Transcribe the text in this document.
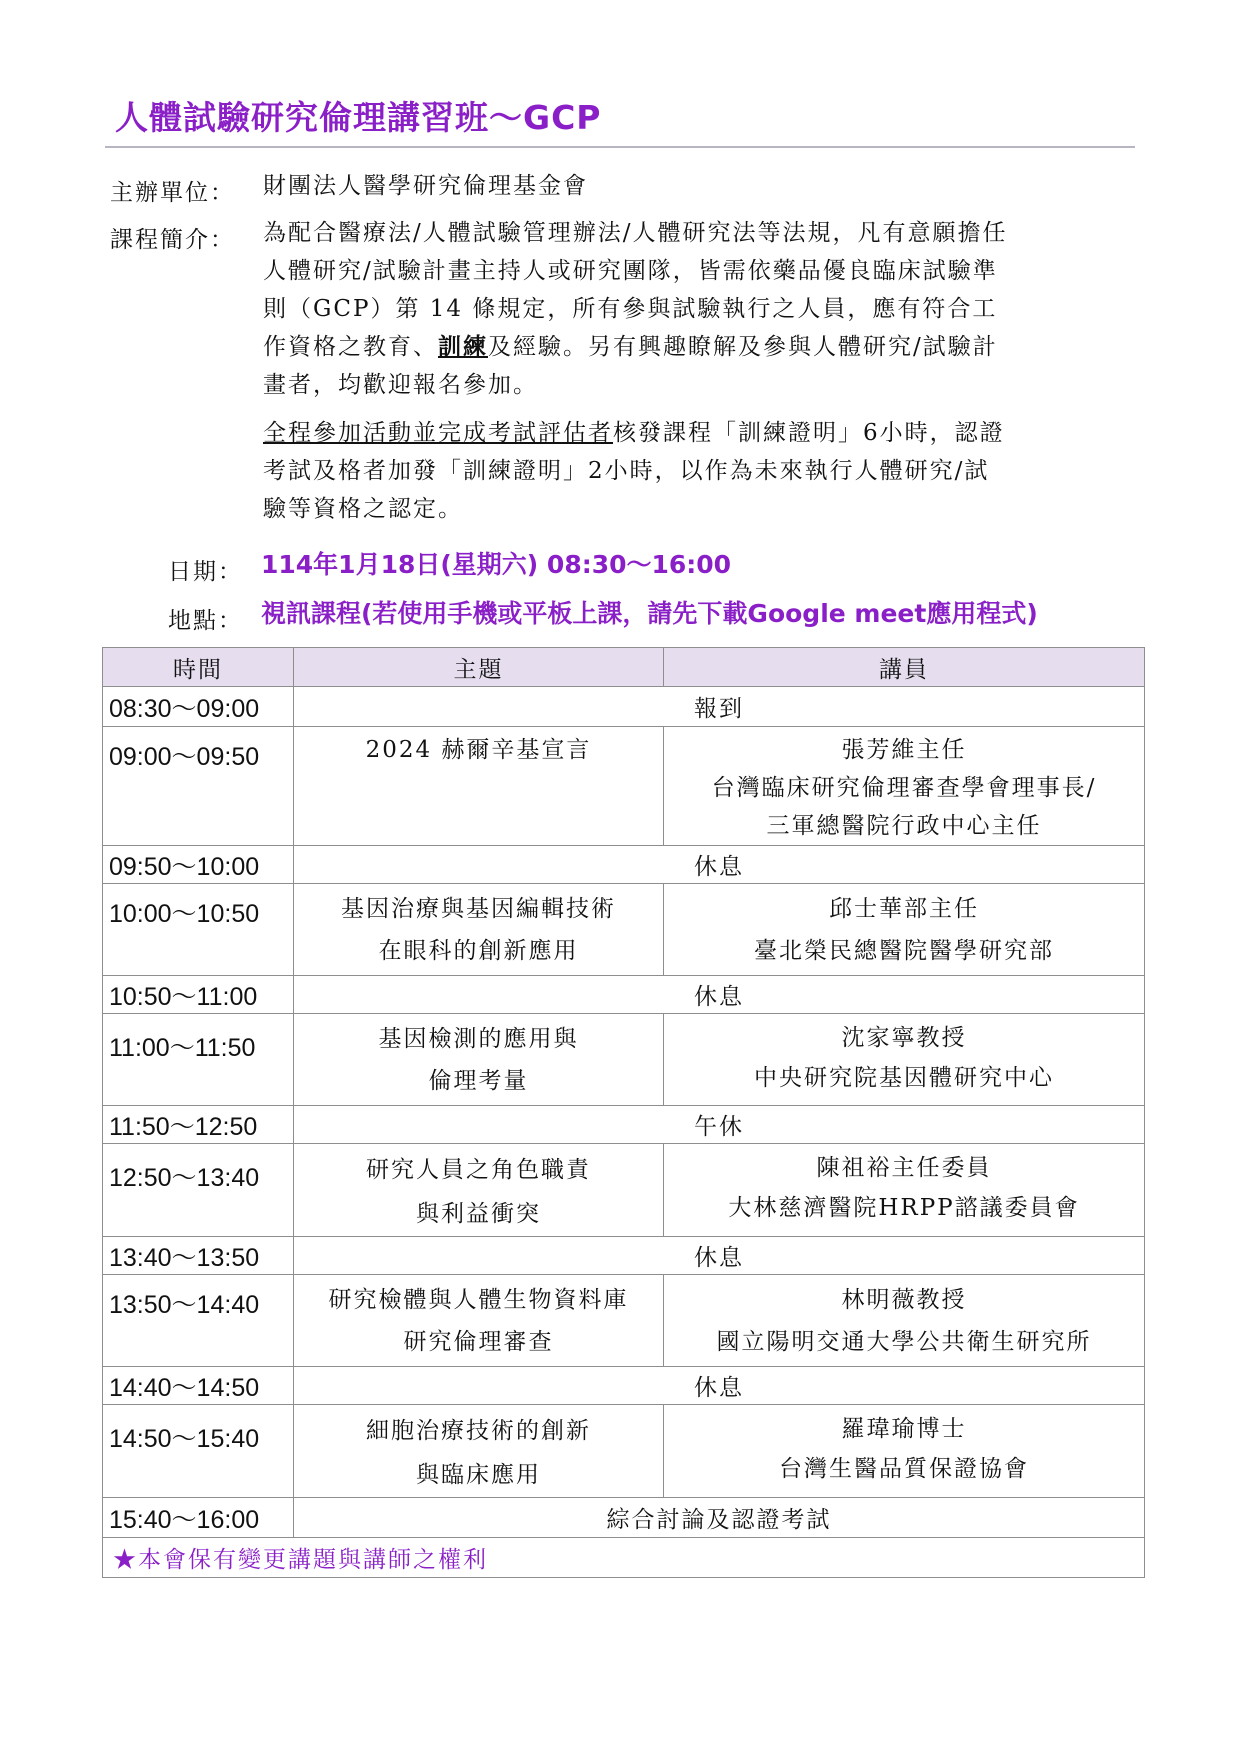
人體試驗研究倫理講習班～GCP
主辦單位： 財團法人醫學研究倫理基金會
課程簡介： 為配合醫療法/人體試驗管理辦法/人體研究法等法規，凡有意願擔任
人體研究/試驗計畫主持人或研究團隊，皆需依藥品優良臨床試驗準
則（GCP）第 14 條規定，所有參與試驗執行之人員，應有符合工
作資格之教育、訓練及經驗。另有興趣瞭解及參與人體研究/試驗計
畫者，均歡迎報名參加。
全程參加活動並完成考試評估者核發課程「訓練證明」6小時，認證
考試及格者加發「訓練證明」2小時，以作為未來執行人體研究/試
驗等資格之認定。
日期： 114年1月18日(星期六) 08:30～16:00
地點： 視訊課程(若使用手機或平板上課，請先下載Google meet應用程式)
時間	主題	講員
08:30～09:00	報到	
09:00～09:50	2024 赫爾辛基宣言	張芳維主任
台灣臨床研究倫理審查學會理事長/
三軍總醫院行政中心主任

09:50～10:00	休息	
10:00～10:50	基因治療與基因編輯技術
在眼科的創新應用	邱士華部主任
臺北榮民總醫院醫學研究部

10:50～11:00	休息	
11:00～11:50	基因檢測的應用與
倫理考量	沈家寧教授
中央研究院基因體研究中心

11:50～12:50	午休	
12:50～13:40	研究人員之角色職責
與利益衝突	陳祖裕主任委員
大林慈濟醫院HRPP諮議委員會

13:40～13:50	休息	
13:50～14:40	研究檢體與人體生物資料庫
研究倫理審查	林明薇教授
國立陽明交通大學公共衛生研究所

14:40～14:50	休息	
14:50～15:40	細胞治療技術的創新
與臨床應用	羅瑋瑜博士
台灣生醫品質保證協會

15:40～16:00	綜合討論及認證考試	
★本會保有變更講題與講師之權利		
